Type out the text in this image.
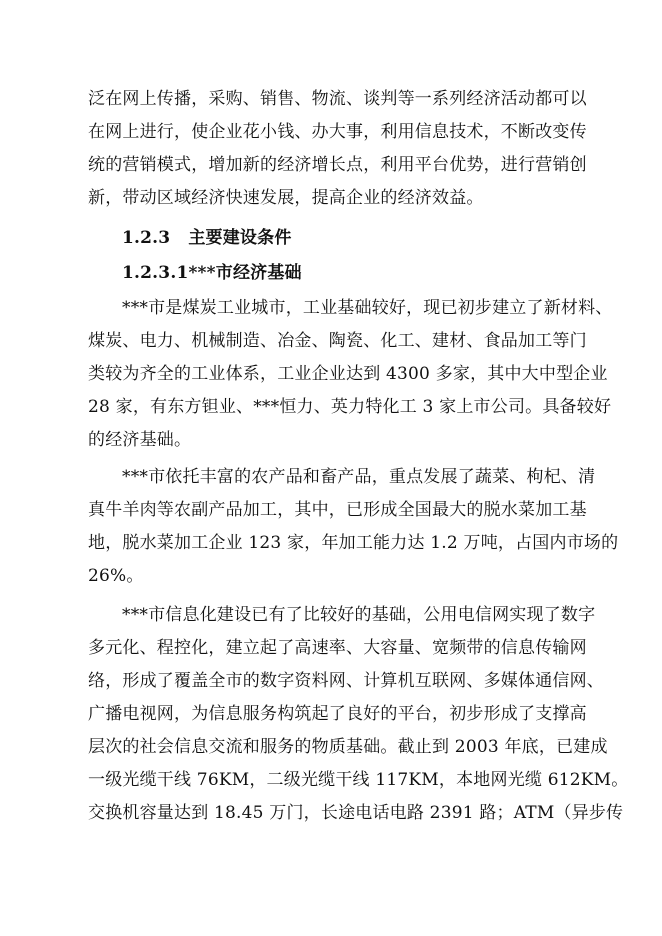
泛在网上传播，采购、销售、物流、谈判等一系列经济活动都可以
在网上进行，使企业花小钱、办大事，利用信息技术，不断改变传
统的营销模式，增加新的经济增长点，利用平台优势，进行营销创
新，带动区域经济快速发展，提高企业的经济效益。
1.2.3 主要建设条件
1.2.3.1***市经济基础
***市是煤炭工业城市，工业基础较好，现已初步建立了新材料、
煤炭、电力、机械制造、冶金、陶瓷、化工、建材、食品加工等门
类较为齐全的工业体系，工业企业达到 4300 多家，其中大中型企业
28 家，有东方钽业、***恒力、英力特化工 3 家上市公司。具备较好
的经济基础。
***市依托丰富的农产品和畜产品，重点发展了蔬菜、枸杞、清
真牛羊肉等农副产品加工，其中，已形成全国最大的脱水菜加工基
地，脱水菜加工企业 123 家，年加工能力达 1.2 万吨，占国内市场的
26%。
***市信息化建设已有了比较好的基础，公用电信网实现了数字
多元化、程控化，建立起了高速率、大容量、宽频带的信息传输网
络，形成了覆盖全市的数字资料网、计算机互联网、多媒体通信网、
广播电视网，为信息服务构筑起了良好的平台，初步形成了支撑高
层次的社会信息交流和服务的物质基础。截止到 2003 年底，已建成
一级光缆干线 76KM，二级光缆干线 117KM，本地网光缆 612KM。
交换机容量达到 18.45 万门，长途电话电路 2391 路；ATM（异步传
